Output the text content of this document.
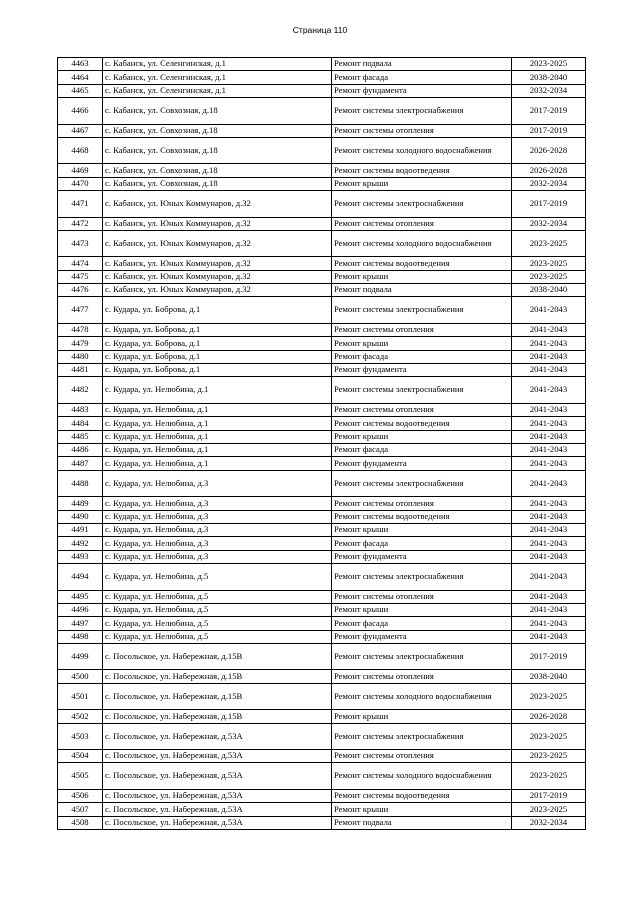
Страница 110
4463	с. Кабанск, ул. Селенгинская, д.1	Ремонт подвала	2023-2025
4464	с. Кабанск, ул. Селенгинская, д.1	Ремонт фасада	2038-2040
4465	с. Кабанск, ул. Селенгинская, д.1	Ремонт фундамента	2032-2034
4466	с. Кабанск, ул. Совхозная, д.18	Ремонт системы электроснабжения	2017-2019
4467	с. Кабанск, ул. Совхозная, д.18	Ремонт системы отопления	2017-2019
4468	с. Кабанск, ул. Совхозная, д.18	Ремонт системы холодного водоснабжения	2026-2028
4469	с. Кабанск, ул. Совхозная, д.18	Ремонт системы водоотведения	2026-2028
4470	с. Кабанск, ул. Совхозная, д.18	Ремонт крыши	2032-2034
4471	с. Кабанск, ул. Юных Коммунаров, д.32	Ремонт системы электроснабжения	2017-2019
4472	с. Кабанск, ул. Юных Коммунаров, д.32	Ремонт системы отопления	2032-2034
4473	с. Кабанск, ул. Юных Коммунаров, д.32	Ремонт системы холодного водоснабжения	2023-2025
4474	с. Кабанск, ул. Юных Коммунаров, д.32	Ремонт системы водоотведения	2023-2025
4475	с. Кабанск, ул. Юных Коммунаров, д.32	Ремонт крыши	2023-2025
4476	с. Кабанск, ул. Юных Коммунаров, д.32	Ремонт подвала	2038-2040
4477	с. Кудара, ул. Боброва, д.1	Ремонт системы электроснабжения	2041-2043
4478	с. Кудара, ул. Боброва, д.1	Ремонт системы отопления	2041-2043
4479	с. Кудара, ул. Боброва, д.1	Ремонт крыши	2041-2043
4480	с. Кудара, ул. Боброва, д.1	Ремонт фасада	2041-2043
4481	с. Кудара, ул. Боброва, д.1	Ремонт фундамента	2041-2043
4482	с. Кудара, ул. Нелюбина, д.1	Ремонт системы электроснабжения	2041-2043
4483	с. Кудара, ул. Нелюбина, д.1	Ремонт системы отопления	2041-2043
4484	с. Кудара, ул. Нелюбина, д.1	Ремонт системы водоотведения	2041-2043
4485	с. Кудара, ул. Нелюбина, д.1	Ремонт крыши	2041-2043
4486	с. Кудара, ул. Нелюбина, д.1	Ремонт фасада	2041-2043
4487	с. Кудара, ул. Нелюбина, д.1	Ремонт фундамента	2041-2043
4488	с. Кудара, ул. Нелюбина, д.3	Ремонт системы электроснабжения	2041-2043
4489	с. Кудара, ул. Нелюбина, д.3	Ремонт системы отопления	2041-2043
4490	с. Кудара, ул. Нелюбина, д.3	Ремонт системы водоотведения	2041-2043
4491	с. Кудара, ул. Нелюбина, д.3	Ремонт крыши	2041-2043
4492	с. Кудара, ул. Нелюбина, д.3	Ремонт фасада	2041-2043
4493	с. Кудара, ул. Нелюбина, д.3	Ремонт фундамента	2041-2043
4494	с. Кудара, ул. Нелюбина, д.5	Ремонт системы электроснабжения	2041-2043
4495	с. Кудара, ул. Нелюбина, д.5	Ремонт системы отопления	2041-2043
4496	с. Кудара, ул. Нелюбина, д.5	Ремонт крыши	2041-2043
4497	с. Кудара, ул. Нелюбина, д.5	Ремонт фасада	2041-2043
4498	с. Кудара, ул. Нелюбина, д.5	Ремонт фундамента	2041-2043
4499	с. Посольское, ул. Набережная, д.15В	Ремонт системы электроснабжения	2017-2019
4500	с. Посольское, ул. Набережная, д.15В	Ремонт системы отопления	2038-2040
4501	с. Посольское, ул. Набережная, д.15В	Ремонт системы холодного водоснабжения	2023-2025
4502	с. Посольское, ул. Набережная, д.15В	Ремонт крыши	2026-2028
4503	с. Посольское, ул. Набережная, д.53А	Ремонт системы электроснабжения	2023-2025
4504	с. Посольское, ул. Набережная, д.53А	Ремонт системы отопления	2023-2025
4505	с. Посольское, ул. Набережная, д.53А	Ремонт системы холодного водоснабжения	2023-2025
4506	с. Посольское, ул. Набережная, д.53А	Ремонт системы водоотведения	2017-2019
4507	с. Посольское, ул. Набережная, д.53А	Ремонт крыши	2023-2025
4508	с. Посольское, ул. Набережная, д.53А	Ремонт подвала	2032-2034
